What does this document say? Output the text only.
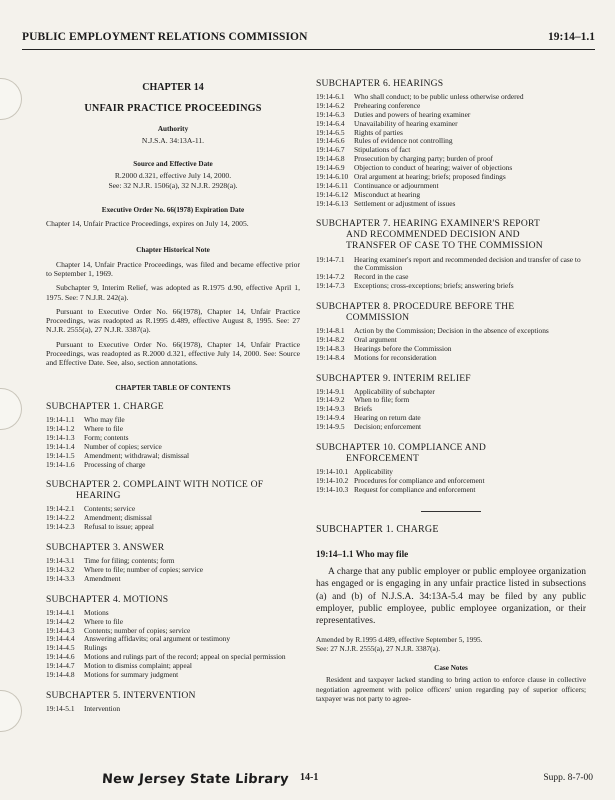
PUBLIC EMPLOYMENT RELATIONS COMMISSION	19:14–1.1
CHAPTER 14
UNFAIR PRACTICE PROCEEDINGS
Authority
N.J.S.A. 34:13A-11.
Source and Effective Date
R.2000 d.321, effective July 14, 2000.
See: 32 N.J.R. 1506(a), 32 N.J.R. 2928(a).
Executive Order No. 66(1978) Expiration Date
Chapter 14, Unfair Practice Proceedings, expires on July 14, 2005.
Chapter Historical Note
Chapter 14, Unfair Practice Proceedings, was filed and became effective prior to September 1, 1969.
Subchapter 9, Interim Relief, was adopted as R.1975 d.90, effective April 1, 1975. See: 7 N.J.R. 242(a).
Pursuant to Executive Order No. 66(1978), Chapter 14, Unfair Practice Proceedings, was readopted as R.1995 d.489, effective August 8, 1995. See: 27 N.J.R. 2555(a), 27 N.J.R. 3387(a).
Pursuant to Executive Order No. 66(1978), Chapter 14, Unfair Practice Proceedings, was readopted as R.2000 d.321, effective July 14, 2000. See: Source and Effective Date. See, also, section annotations.
CHAPTER TABLE OF CONTENTS
SUBCHAPTER 1. CHARGE
19:14-1.1	Who may file
19:14-1.2	Where to file
19:14-1.3	Form; contents
19:14-1.4	Number of copies; service
19:14-1.5	Amendment; withdrawal; dismissal
19:14-1.6	Processing of charge
SUBCHAPTER 2. COMPLAINT WITH NOTICE OF
HEARING
19:14-2.1	Contents; service
19:14-2.2	Amendment; dismissal
19:14-2.3	Refusal to issue; appeal
SUBCHAPTER 3. ANSWER
19:14-3.1	Time for filing; contents; form
19:14-3.2	Where to file; number of copies; service
19:14-3.3	Amendment
SUBCHAPTER 4. MOTIONS
19:14-4.1	Motions
19:14-4.2	Where to file
19:14-4.3	Contents; number of copies; service
19:14-4.4	Answering affidavits; oral argument or testimony
19:14-4.5	Rulings
19:14-4.6	Motions and rulings part of the record; appeal on special permission
19:14-4.7	Motion to dismiss complaint; appeal
19:14-4.8	Motions for summary judgment
SUBCHAPTER 5. INTERVENTION
19:14-5.1	Intervention
SUBCHAPTER 6. HEARINGS
19:14-6.1	Who shall conduct; to be public unless otherwise ordered
19:14-6.2	Prehearing conference
19:14-6.3	Duties and powers of hearing examiner
19:14-6.4	Unavailability of hearing examiner
19:14-6.5	Rights of parties
19:14-6.6	Rules of evidence not controlling
19:14-6.7	Stipulations of fact
19:14-6.8	Prosecution by charging party; burden of proof
19:14-6.9	Objection to conduct of hearing; waiver of objections
19:14-6.10 Oral argument at hearing; briefs; proposed findings
19:14-6.11 Continuance or adjournment
19:14-6.12 Misconduct at hearing
19:14-6.13 Settlement or adjustment of issues
SUBCHAPTER 7. HEARING EXAMINER'S REPORT
AND RECOMMENDED DECISION AND
TRANSFER OF CASE TO THE COMMISSION
19:14-7.1	Hearing examiner's report and recommended decision and transfer of case to the Commission
19:14-7.2	Record in the case
19:14-7.3	Exceptions; cross-exceptions; briefs; answering briefs
SUBCHAPTER 8. PROCEDURE BEFORE THE
COMMISSION
19:14-8.1	Action by the Commission; Decision in the absence of exceptions
19:14-8.2	Oral argument
19:14-8.3	Hearings before the Commission
19:14-8.4	Motions for reconsideration
SUBCHAPTER 9. INTERIM RELIEF
19:14-9.1	Applicability of subchapter
19:14-9.2	When to file; form
19:14-9.3	Briefs
19:14-9.4	Hearing on return date
19:14-9.5	Decision; enforcement
SUBCHAPTER 10. COMPLIANCE AND
ENFORCEMENT
19:14-10.1 Applicability
19:14-10.2 Procedures for compliance and enforcement
19:14-10.3 Request for compliance and enforcement
SUBCHAPTER 1. CHARGE
19:14–1.1 Who may file
A charge that any public employer or public employee organization has engaged or is engaging in any unfair practice listed in subsections (a) and (b) of N.J.S.A. 34:13A-5.4 may be filed by any public employer, public employee, public employee organization, or their representatives.
Amended by R.1995 d.489, effective September 5, 1995.
See: 27 N.J.R. 2555(a), 27 N.J.R. 3387(a).
Case Notes
Resident and taxpayer lacked standing to bring action to enforce clause in collective negotiation agreement with police officers' union regarding pay of superior officers; taxpayer was not party to agree-
New Jersey State Library 14-1	Supp. 8-7-00
